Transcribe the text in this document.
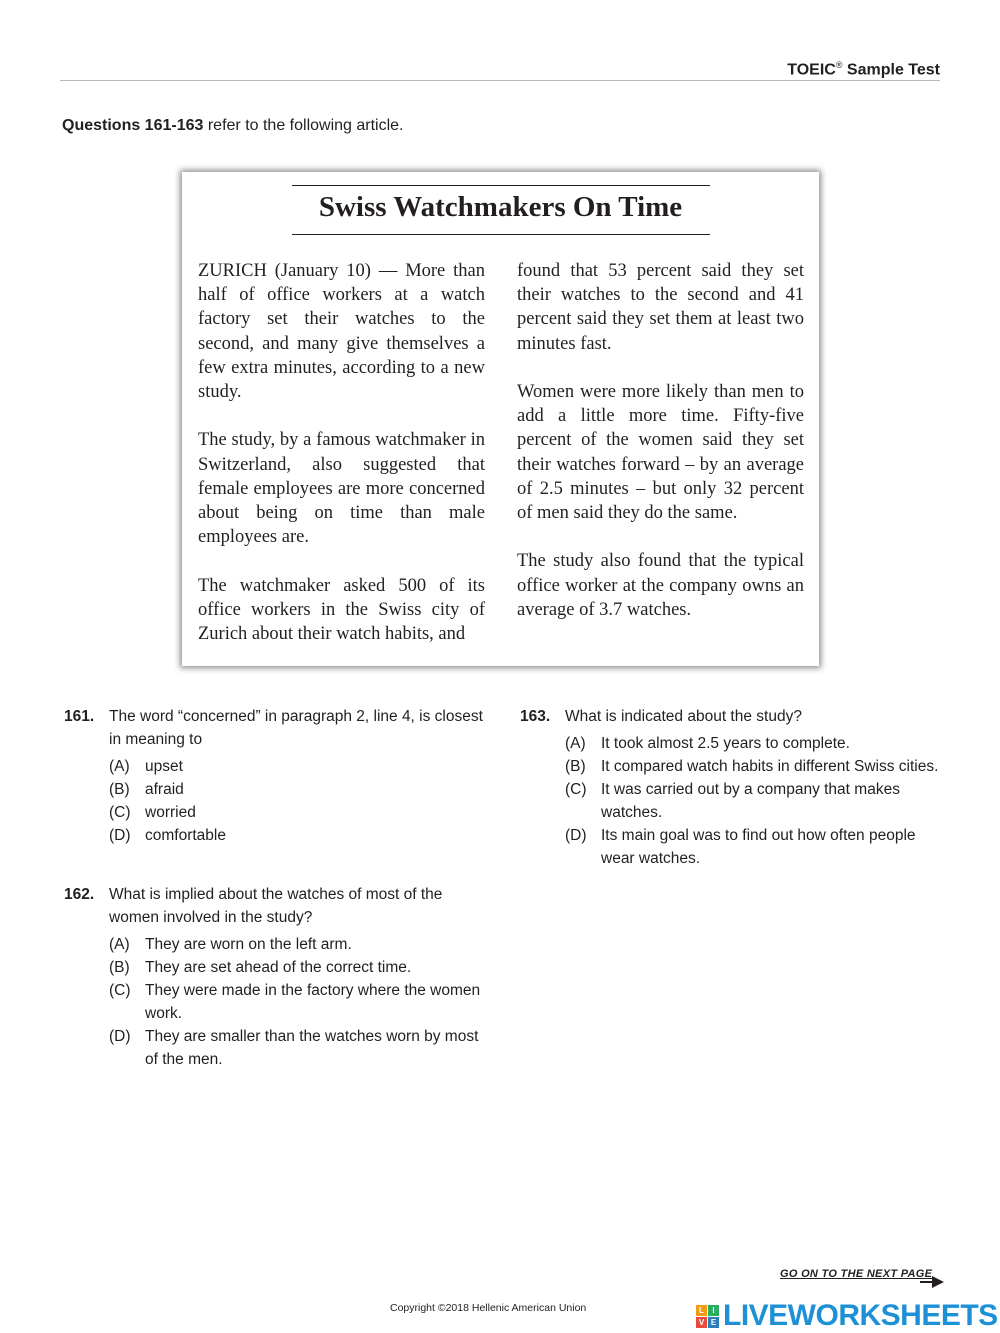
TOEIC® Sample Test
Questions 161-163 refer to the following article.
Swiss Watchmakers On Time

ZURICH (January 10) — More than half of office workers at a watch factory set their watches to the second, and many give themselves a few extra minutes, according to a new study.

The study, by a famous watchmaker in Switzerland, also suggested that female employees are more concerned about being on time than male employees are.

The watchmaker asked 500 of its office workers in the Swiss city of Zurich about their watch habits, and

found that 53 percent said they set their watches to the second and 41 percent said they set them at least two minutes fast.

Women were more likely than men to add a little more time. Fifty-five percent of the women said they set their watches forward – by an average of 2.5 minutes – but only 32 percent of men said they do the same.

The study also found that the typical office worker at the company owns an average of 3.7 watches.

161. The word “concerned” in paragraph 2, line 4, is closest in meaning to
(A) upset
(B) afraid
(C) worried
(D) comfortable
162. What is implied about the watches of most of the women involved in the study?
(A) They are worn on the left arm.
(B) They are set ahead of the correct time.
(C) They were made in the factory where the women work.
(D) They are smaller than the watches worn by most of the men.
163. What is indicated about the study?
(A) It took almost 2.5 years to complete.
(B) It compared watch habits in different Swiss cities.
(C) It was carried out by a company that makes watches.
(D) Its main goal was to find out how often people wear watches.
GO ON TO THE NEXT PAGE
Copyright ©2018 Hellenic American Union	L	I
V E LIVEWORKSHEETS
